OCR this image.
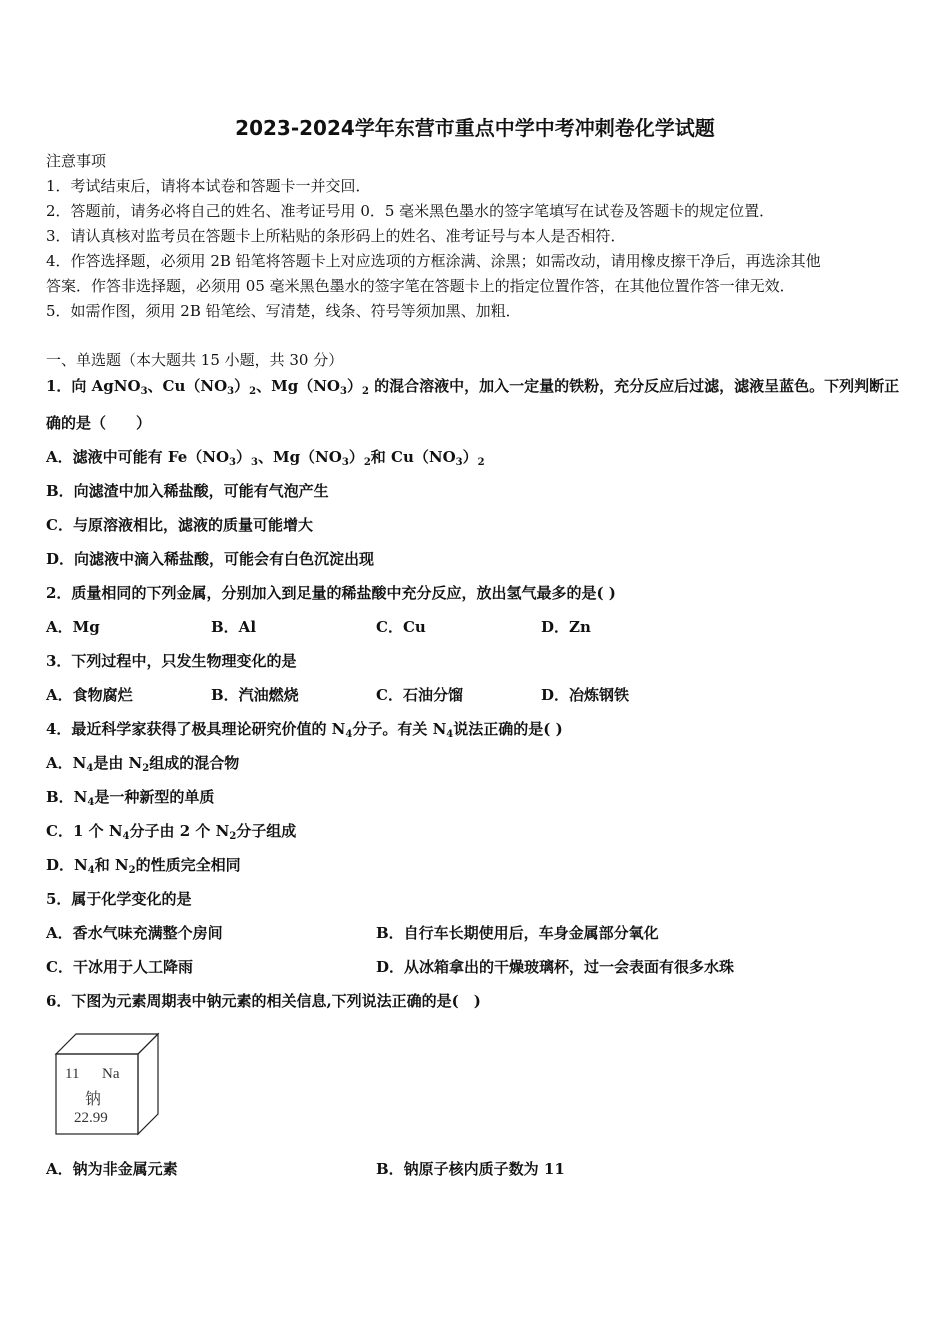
2023-2024学年东营市重点中学中考冲刺卷化学试题
注意事项
1．考试结束后，请将本试卷和答题卡一并交回．
2．答题前，请务必将自己的姓名、准考证号用 0．5 毫米黑色墨水的签字笔填写在试卷及答题卡的规定位置．
3．请认真核对监考员在答题卡上所粘贴的条形码上的姓名、准考证号与本人是否相符．
4．作答选择题，必须用 2B 铅笔将答题卡上对应选项的方框涂满、涂黑；如需改动，请用橡皮擦干净后，再选涂其他
答案．作答非选择题，必须用 05 毫米黑色墨水的签字笔在答题卡上的指定位置作答，在其他位置作答一律无效．
5．如需作图，须用 2B 铅笔绘、写清楚，线条、符号等须加黑、加粗．
一、单选题（本大题共 15 小题，共 30 分）
1．向 AgNO$_3$、$Cu(NO_3)_2$、$Mg(NO_3)_2$ 的混合溶液中，加入一定量的铁粉，充分反应后过滤，滤液呈蓝色。下列判断正
确的是（　　）
A．滤液中可能有 $Fe(NO_3)_3$、$Mg(NO_3)_2$和 $Cu(NO_3)_2$
B．向滤渣中加入稀盐酸，可能有气泡产生
C．与原溶液相比，滤液的质量可能增大
D．向滤液中滴入稀盐酸，可能会有白色沉淀出现
2．质量相同的下列金属，分别加入到足量的稀盐酸中充分反应，放出氢气最多的是( )
A．Mg	B．Al	C．Cu	D．Zn
3．下列过程中，只发生物理变化的是
A．食物腐烂	B．汽油燃烧	C．石油分馏	D．冶炼钢铁
4．最近科学家获得了极具理论研究价值的 $N_4$分子。有关 $N_4$说法正确的是( )
A．$N_4$是由 $N_2$组成的混合物
B．$N_4$是一种新型的单质
C．1 个 $N_4$分子由 2 个 $N_2$分子组成
D．$N_4$和 $N_2$的性质完全相同
5．属于化学变化的是
A．香水气味充满整个房间	B．自行车长期使用后，车身金属部分氧化
C．干冰用于人工降雨	D．从冰箱拿出的干燥玻璃杯，过一会表面有很多水珠
6．下图为元素周期表中钠元素的相关信息,下列说法正确的是(　)
11 Na
钠
22.99
A．钠为非金属元素	B．钠原子核内质子数为 11
